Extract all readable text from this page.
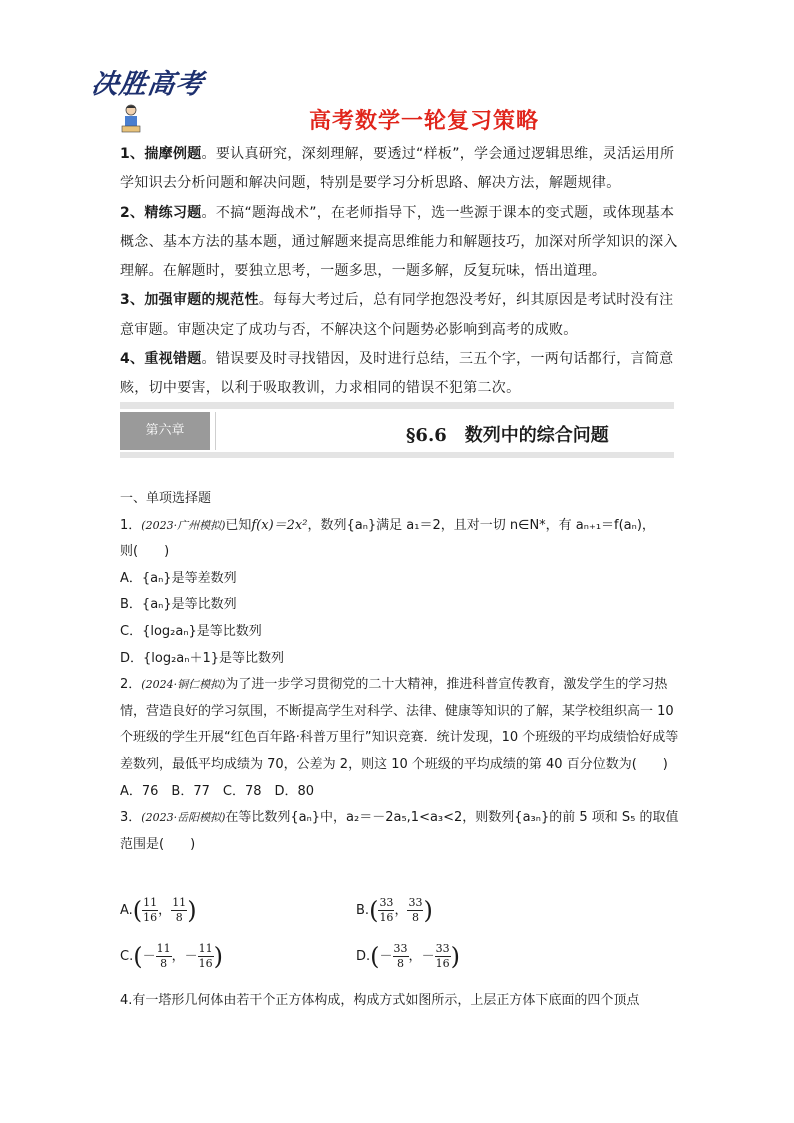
决胜高考
高考数学一轮复习策略

1、揣摩例题。要认真研究，深刻理解，要透过“样板”，学会通过逻辑思维，灵活运用所学知识去分析问题和解决问题，特别是要学习分析思路、解决方法，解题规律。

2、精练习题。不搞“题海战术”，在老师指导下，选一些源于课本的变式题，或体现基本概念、基本方法的基本题，通过解题来提高思维能力和解题技巧，加深对所学知识的深入理解。在解题时，要独立思考，一题多思，一题多解，反复玩味，悟出道理。

3、加强审题的规范性。每每大考过后，总有同学抱怨没考好，纠其原因是考试时没有注意审题。审题决定了成功与否，不解决这个问题势必影响到高考的成败。

4、重视错题。错误要及时寻找错因，及时进行总结，三五个字，一两句话都行，言简意赅，切中要害，以利于吸取教训，力求相同的错误不犯第二次。

第六章	§6.6　数列中的综合问题

一、单项选择题

1．(2023·广州模拟)已知f(x)＝2x²，数列{aₙ}满足 a₁＝2，且对一切 n∈N*，有 aₙ₊₁＝f(aₙ)，

则(　　)

A．{aₙ}是等差数列

B．{aₙ}是等比数列

C．{log₂aₙ}是等比数列

D．{log₂aₙ＋1}是等比数列

2．(2024·铜仁模拟)为了进一步学习贯彻党的二十大精神，推进科普宣传教育，激发学生的学习热情，营造良好的学习氛围，不断提高学生对科学、法律、健康等知识的了解，某学校组织高一 10 个班级的学生开展“红色百年路·科普万里行”知识竞赛．统计发现，10 个班级的平均成绩恰好成等差数列，最低平均成绩为 70，公差为 2，则这 10 个班级的平均成绩的第 40 百分位数为(　　)

A．76　B．77　C．78　D．80

3．(2023·岳阳模拟)在等比数列{aₙ}中，a₂＝－2a₅,1<a₃<2，则数列{a₃ₙ}的前 5 项和 S₅ 的取值范围是(　　)

$A.( \frac{11}{16}$ ， $\frac{11}{8}$ )	$B.( \frac{33}{16}$ ， $\frac{33}{8}$ )
$C.(- \frac{11}{8}$ ，－ $\frac{11}{16}$ )	$D.(- \frac{33}{8}$ ，－ $\frac{33}{16}$ )
4.有一塔形几何体由若干个正方体构成，构成方式如图所示，上层正方体下底面的四个顶点
